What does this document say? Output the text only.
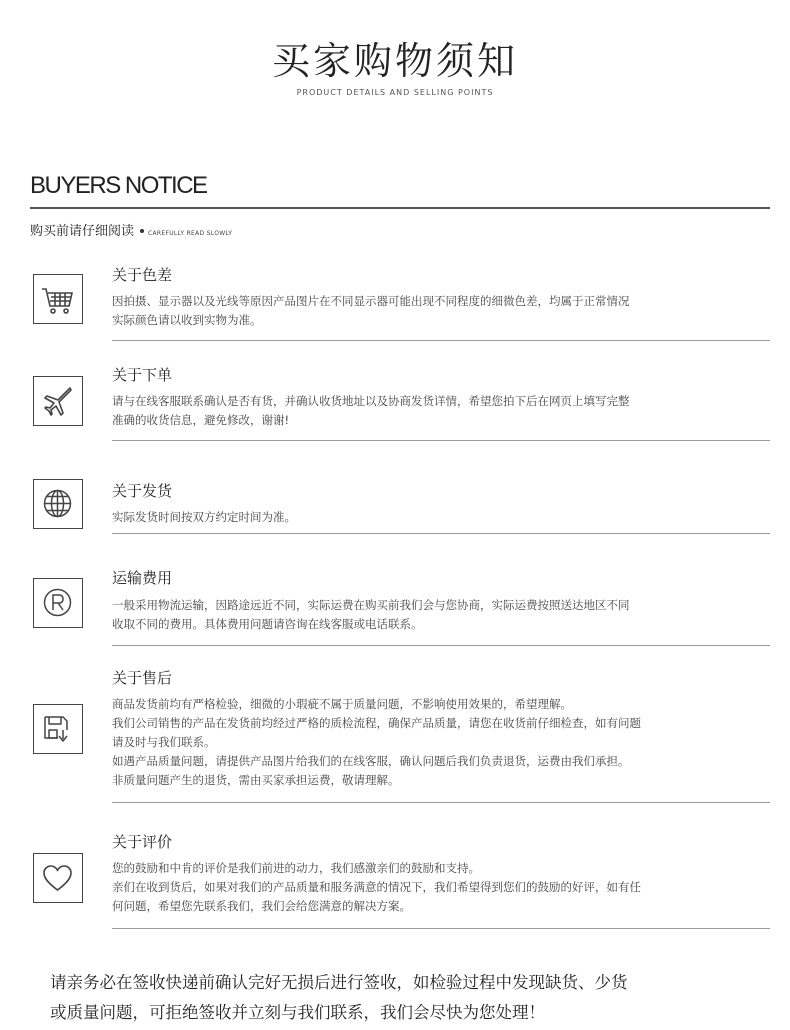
买家购物须知
PRODUCT DETAILS AND SELLING POINTS
BUYERS NOTICE
购买前请仔细阅读 CAREFULLY READ SLOWLY
关于色差
因拍摄、显示器以及光线等原因产品图片在不同显示器可能出现不同程度的细微色差，均属于正常情况
实际颜色请以收到实物为准。
关于下单
请与在线客服联系确认是否有货，并确认收货地址以及协商发货详情，希望您拍下后在网页上填写完整
准确的收货信息，避免修改，谢谢!
关于发货
实际发货时间按双方约定时间为准。
运输费用
一般采用物流运输，因路途远近不同，实际运费在购买前我们会与您协商，实际运费按照送达地区不同
收取不同的费用。具体费用问题请咨询在线客服或电话联系。
关于售后
商品发货前均有严格检验，细微的小瑕疵不属于质量问题，不影响使用效果的，希望理解。
我们公司销售的产品在发货前均经过严格的质检流程，确保产品质量，请您在收货前仔细检查，如有问题
请及时与我们联系。
如遇产品质量问题，请提供产品图片给我们的在线客服，确认问题后我们负责退货，运费由我们承担。
非质量问题产生的退货，需由买家承担运费，敬请理解。
关于评价
您的鼓励和中肯的评价是我们前进的动力，我们感激亲们的鼓励和支持。
亲们在收到货后，如果对我们的产品质量和服务满意的情况下，我们希望得到您们的鼓励的好评，如有任
何问题，希望您先联系我们，我们会给您满意的解决方案。
请亲务必在签收快递前确认完好无损后进行签收，如检验过程中发现缺货、少货
或质量问题，可拒绝签收并立刻与我们联系，我们会尽快为您处理！
